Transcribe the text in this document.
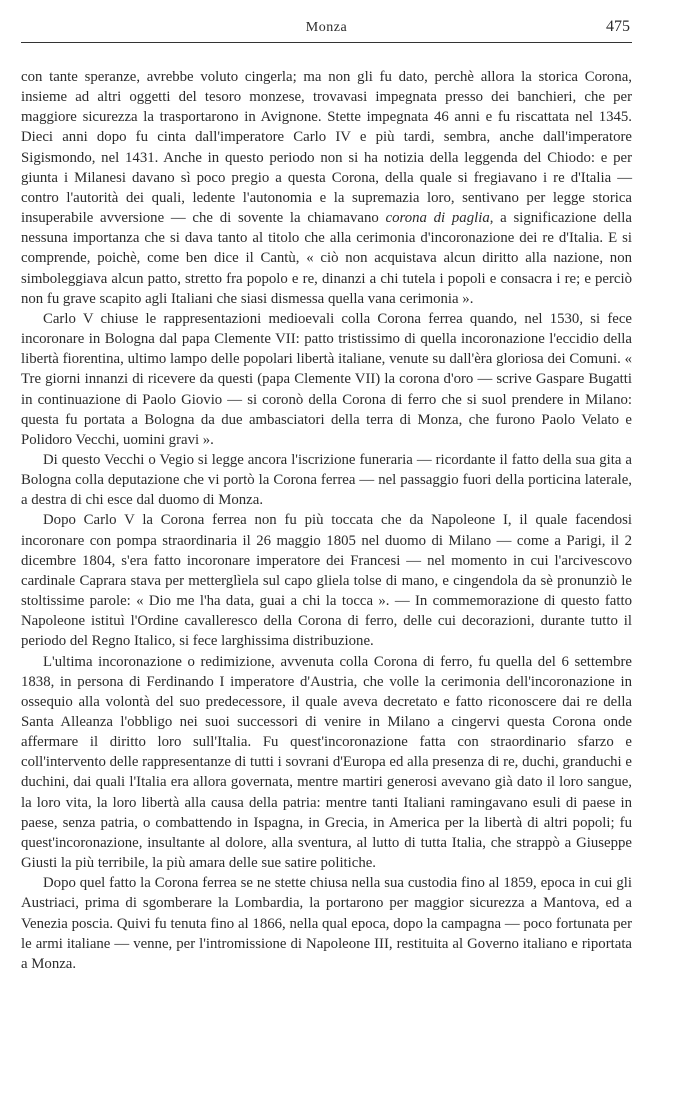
Monza	475

con tante speranze, avrebbe voluto cingerla; ma non gli fu dato, perchè allora la storica Corona, insieme ad altri oggetti del tesoro monzese, trovavasi impegnata presso dei banchieri, che per maggiore sicurezza la trasportarono in Avignone. Stette impegnata 46 anni e fu riscattata nel 1345. Dieci anni dopo fu cinta dall'imperatore Carlo IV e più tardi, sembra, anche dall'imperatore Sigismondo, nel 1431. Anche in questo periodo non si ha notizia della leggenda del Chiodo: e per giunta i Milanesi davano sì poco pregio a questa Corona, della quale si fregiavano i re d'Italia — contro l'autorità dei quali, ledente l'autonomia e la supremazia loro, sentivano per legge storica insuperabile avversione — che di sovente la chiamavano corona di paglia, a significazione della nessuna importanza che si dava tanto al titolo che alla cerimonia d'incoronazione dei re d'Italia. E si comprende, poichè, come ben dice il Cantù, « ciò non acquistava alcun diritto alla nazione, non simboleggiava alcun patto, stretto fra popolo e re, dinanzi a chi tutela i popoli e consacra i re; e perciò non fu grave scapito agli Italiani che siasi dismessa quella vana cerimonia ».

Carlo V chiuse le rappresentazioni medioevali colla Corona ferrea quando, nel 1530, si fece incoronare in Bologna dal papa Clemente VII: patto tristissimo di quella incoronazione l'eccidio della libertà fiorentina, ultimo lampo delle popolari libertà italiane, venute su dall'èra gloriosa dei Comuni. « Tre giorni innanzi di ricevere da questi (papa Clemente VII) la corona d'oro — scrive Gaspare Bugatti in continuazione di Paolo Giovio — si coronò della Corona di ferro che si suol prendere in Milano: questa fu portata a Bologna da due ambasciatori della terra di Monza, che furono Paolo Velato e Polidoro Vecchi, uomini gravi ».

Di questo Vecchi o Vegio si legge ancora l'iscrizione funeraria — ricordante il fatto della sua gita a Bologna colla deputazione che vi portò la Corona ferrea — nel passaggio fuori della porticina laterale, a destra di chi esce dal duomo di Monza.

Dopo Carlo V la Corona ferrea non fu più toccata che da Napoleone I, il quale facendosi incoronare con pompa straordinaria il 26 maggio 1805 nel duomo di Milano — come a Parigi, il 2 dicembre 1804, s'era fatto incoronare imperatore dei Francesi — nel momento in cui l'arcivescovo cardinale Caprara stava per metterglìela sul capo gliela tolse di mano, e cingendola da sè pronunziò le stoltissime parole: « Dio me l'ha data, guai a chi la tocca ». — In commemorazione di questo fatto Napoleone istituì l'Ordine cavalleresco della Corona di ferro, delle cui decorazioni, durante tutto il periodo del Regno Italico, si fece larghissima distribuzione.

L'ultima incoronazione o redimizione, avvenuta colla Corona di ferro, fu quella del 6 settembre 1838, in persona di Ferdinando I imperatore d'Austria, che volle la cerimonia dell'incoronazione in ossequio alla volontà del suo predecessore, il quale aveva decretato e fatto riconoscere dai re della Santa Alleanza l'obbligo nei suoi successori di venire in Milano a cingervi questa Corona onde affermare il diritto loro sull'Italia. Fu quest'incoronazione fatta con straordinario sfarzo e coll'intervento delle rappresentanze di tutti i sovrani d'Europa ed alla presenza di re, duchi, granduchi e duchini, dai quali l'Italia era allora governata, mentre martiri generosi avevano già dato il loro sangue, la loro vita, la loro libertà alla causa della patria: mentre tanti Italiani ramingavano esuli di paese in paese, senza patria, o combattendo in Ispagna, in Grecia, in America per la libertà di altri popoli; fu quest'incoronazione, insultante al dolore, alla sventura, al lutto di tutta Italia, che strappò a Giuseppe Giusti la più terribile, la più amara delle sue satire politiche.

Dopo quel fatto la Corona ferrea se ne stette chiusa nella sua custodia fino al 1859, epoca in cui gli Austriaci, prima di sgomberare la Lombardia, la portarono per maggior sicurezza a Mantova, ed a Venezia poscia. Quivi fu tenuta fino al 1866, nella qual epoca, dopo la campagna — poco fortunata per le armi italiane — venne, per l'intromissione di Napoleone III, restituita al Governo italiano e riportata a Monza.
